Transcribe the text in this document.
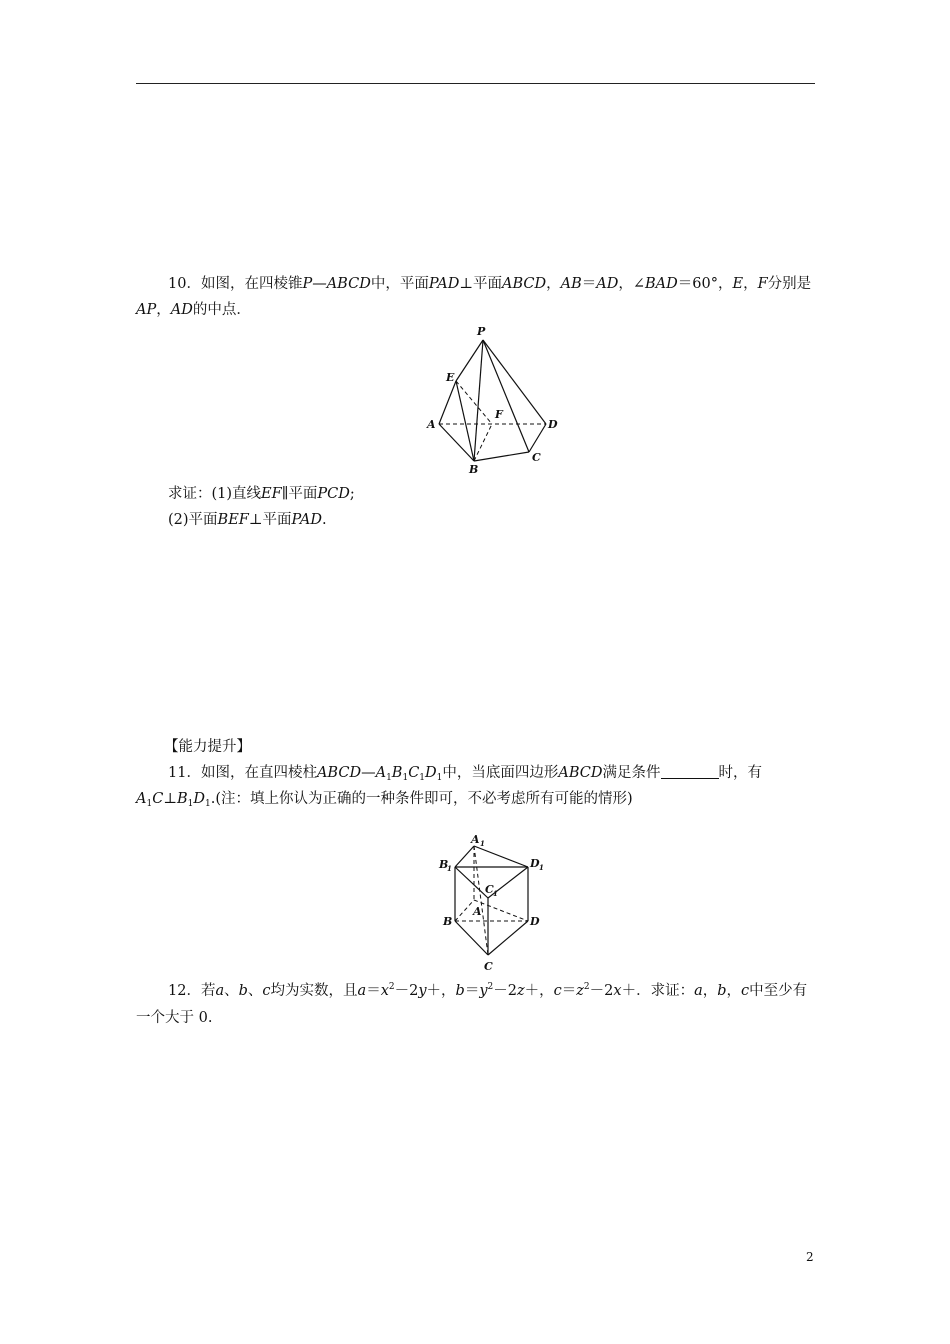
10．如图，在四棱锥P—ABCD中，平面PAD⊥平面ABCD，AB＝AD，∠BAD＝60°，E，F分别是
AP，AD的中点．
P
E
F
A	D
B
C
求证：(1)直线EF∥平面PCD;
(2)平面BEF⊥平面PAD.
【能力提升】
11．如图，在直四棱柱$ABCD—A_1B_1C_1D_1$中，当底面四边形ABCD满足条件	时，有
$A_1C\perp B_1D_1$.(注：填上你认为正确的一种条件即可，不必考虑所有可能的情形)
A 1
B
1
C 1
D 1
A
B	D
C
12．若a、b、c均为实数，且$a=x^2-2y+$，$b=y^2-2z+$，$c=z^2-2x+$．求证：a，b，c中至少有
一个大于 0.
2
